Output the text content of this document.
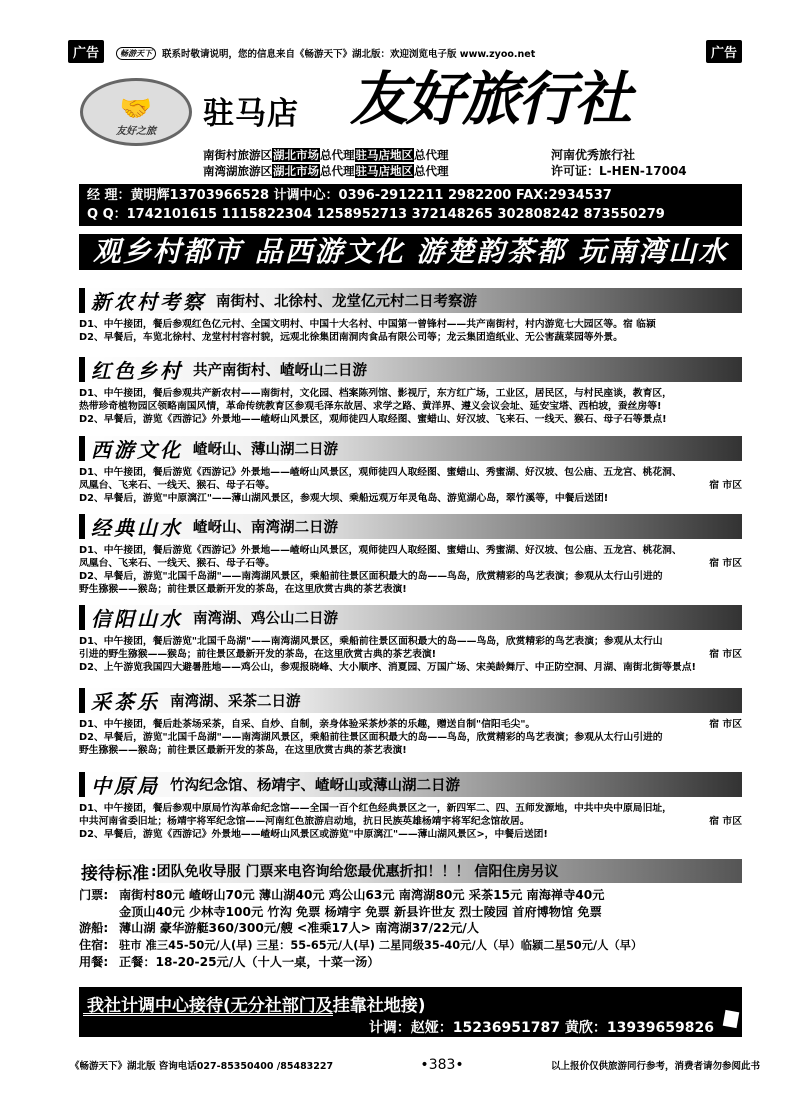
广告	广告
畅游天下	联系时敬请说明，您的信息来自《畅游天下》湖北版：欢迎浏览电子版 www.zyoo.net
🤝
友好之旅 驻马店 友好旅行社
南街村旅游区湖北市场总代理驻马店地区总代理
南湾湖旅游区湖北市场总代理驻马店地区总代理
河南优秀旅行社
许可证：L-HEN-17004
经 理：黄明辉13703966528 计调中心：0396-2912211 2982200 FAX:2934537
Q Q：1742101615 1115822304 1258952713 372148265 302808242 873550279
观乡村都市 品西游文化 游楚韵茶都 玩南湾山水
新农村考察 南街村、北徐村、龙堂亿元村二日考察游
D1、中午接团，餐后参观红色亿元村、全国文明村、中国十大名村、中国第一曾锋村——共产南街村，村内游览七大园区等。宿 临颍
D2、早餐后，车览北徐村、龙堂村村容村貌，远观北徐集团南洞肉食品有限公司等；龙云集团造纸业、无公害蔬菜园等外景。
红色乡村 共产南街村、嵖岈山二日游
D1、中午接团，餐后参观共产新农村——南街村，文化园、档案陈列馆、影视厅，东方红广场，工业区，居民区，与村民座谈，教育区，
热带珍奇植物园区领略南国风情，革命传统教育区参观毛泽东故居、求学之路、黄洋界、遵义会议会址、延安宝塔、西柏坡，蚕丝房等!
D2、早餐后，游览《西游记》外景地——嵖岈山风景区，观师徒四人取经图、蜜蜡山、好汉坡、飞来石、一线天、猴石、母子石等景点!
西游文化 嵖岈山、薄山湖二日游
D1、中午接团，餐后游览《西游记》外景地——嵖岈山风景区，观师徒四人取经图、蜜蜡山、秀蜜湖、好汉坡、包公庙、五龙宫、桃花洞、
凤凰台、飞来石、一线天、猴石、母子石等。	宿 市区
D2、早餐后，游览"中原漓江"——薄山湖风景区，参观大坝、乘船远观万年灵龟岛、游览湖心岛，翠竹溪等，中餐后送团!
经典山水 嵖岈山、南湾湖二日游
D1、中午接团，餐后游览《西游记》外景地——嵖岈山风景区，观师徒四人取经图、蜜蜡山、秀蜜湖、好汉坡、包公庙、五龙宫、桃花洞、
凤凰台、飞来石、一线天、猴石、母子石等。	宿 市区
D2、早餐后，游览"北国千岛湖"——南湾湖风景区，乘船前往景区面积最大的岛——鸟岛，欣赏精彩的鸟艺表演；参观从太行山引进的
野生猕猴——猴岛；前往景区最新开发的茶岛，在这里欣赏古典的茶艺表演!
信阳山水 南湾湖、鸡公山二日游
D1、中午接团，餐后游览"北国千岛湖"——南湾湖风景区，乘船前往景区面积最大的岛——鸟岛，欣赏精彩的鸟艺表演；参观从太行山
引进的野生猕猴——猴岛；前往景区最新开发的茶岛，在这里欣赏古典的茶艺表演!	宿 市区
D2、上午游览我国四大避暑胜地——鸡公山，参观报晓峰、大小顺序、消夏园、万国广场、宋美龄舞厅、中正防空洞、月湖、南街北街等景点!
采茶乐 南湾湖、采茶二日游
D1、中午接团，餐后赴茶场采茶，自采、自炒、自制，亲身体验采茶炒茶的乐趣，赠送自制"信阳毛尖"。	宿 市区
D2、早餐后，游览"北国千岛湖"——南湾湖风景区，乘船前往景区面积最大的岛——鸟岛，欣赏精彩的鸟艺表演；参观从太行山引进的
野生猕猴——猴岛；前往景区最新开发的茶岛，在这里欣赏古典的茶艺表演!
中原局 竹沟纪念馆、杨靖宇、嵖岈山或薄山湖二日游
D1、中午接团，餐后参观中原局竹沟革命纪念馆——全国一百个红色经典景区之一，新四军二、四、五师发源地，中共中央中原局旧址，
中共河南省委旧址；杨靖宇将军纪念馆——河南红色旅游启动地，抗日民族英雄杨靖宇将军纪念馆故居。	宿 市区
D2、早餐后，游览《西游记》外景地——嵖岈山风景区或游览"中原漓江"——薄山湖风景区>，中餐后送团!
接待标准 :团队免收导服 门票来电咨询给您最优惠折扣！！！ 信阳住房另议
门票: 南街村80元 嵖岈山70元 薄山湖40元 鸡公山63元 南湾湖80元 采茶15元 南海禅寺40元
金顶山40元 少林寺100元 竹沟 免票 杨靖宇 免票 新县许世友 烈士陵园 首府博物馆 免票
游船: 薄山湖 豪华游艇360/300元/艘 <准乘17人> 南湾湖37/22元/人
住宿: 驻市 准三45-50元/人(早) 三星：55-65元/人(早) 二星同级35-40元/人（早）临颍二星50元/人（早）
用餐: 正餐：18-20-25元/人（十人一桌，十菜一汤）
我社计调中心接待(无分社部门及挂靠社地接)
计调：赵娅：15236951787 黄欣：13939659826
《畅游天下》湖北版 咨询电话027-85350400 /85483227	•383•	以上报价仅供旅游同行参考，消费者请勿参阅此书
